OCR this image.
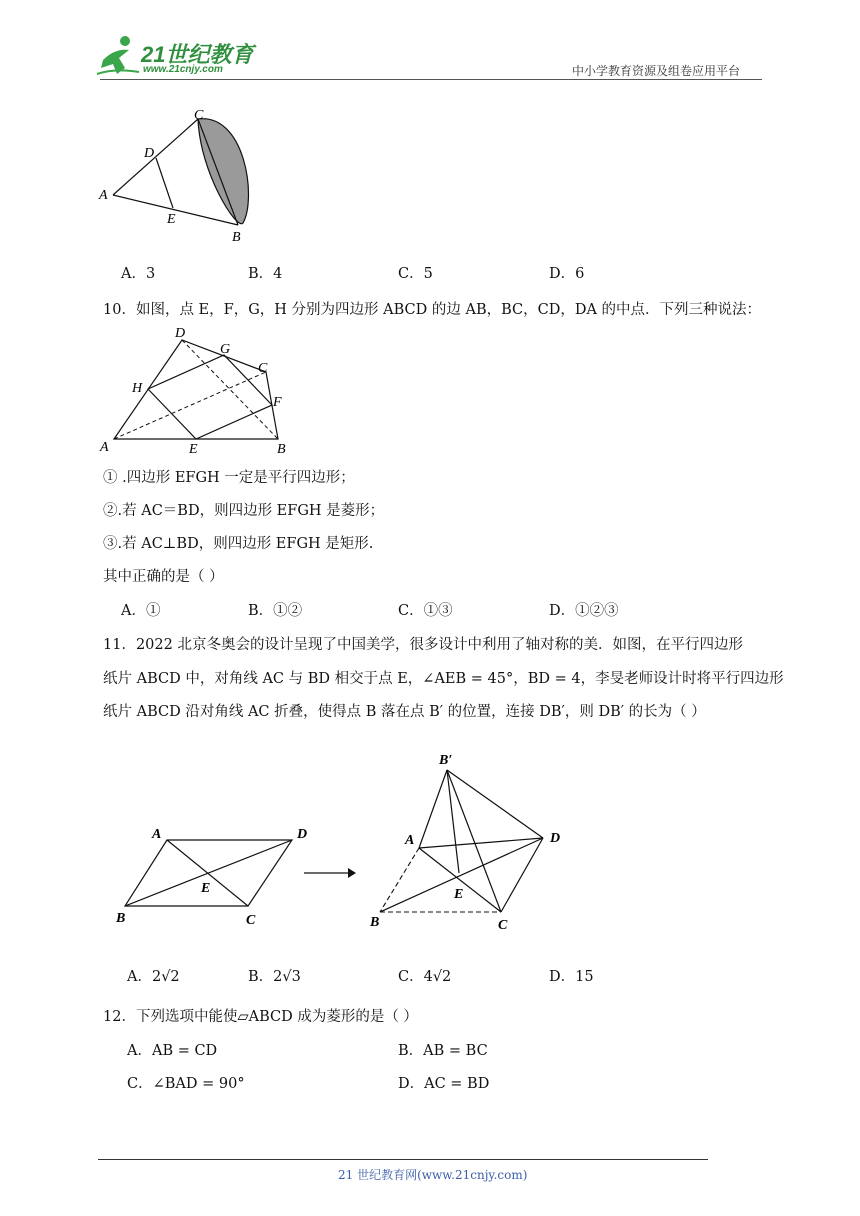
21世纪教育
www.21cnjy.com	中小学教育资源及组卷应用平台
C
D
A
E
B
A．3	B．4	C．5	D．6
10．如图，点 E，F，G，H 分别为四边形 ABCD 的边 AB，BC，CD，DA 的中点．下列三种说法：
D
G
C
H
F
A	E	B
① .四边形 EFGH 一定是平行四边形；
②.若 AC＝BD，则四边形 EFGH 是菱形；
③.若 AC⊥BD，则四边形 EFGH 是矩形.
其中正确的是（ ）
A．①	B．①②	C．①③	D．①②③
11．2022 北京冬奥会的设计呈现了中国美学，很多设计中利用了轴对称的美．如图，在平行四边形
纸片 ABCD 中，对角线 AC 与 BD 相交于点 E，∠AEB = 45°，BD = 4，李旻老师设计时将平行四边形
纸片 ABCD 沿对角线 AC 折叠，使得点 B 落在点 B′ 的位置，连接 DB′，则 DB′ 的长为（ ）
A	D
E
B	C
B′
A	D
E
B	C
A．2√2	B．2√3	C．4√2	D．15
12．下列选项中能使▱ABCD 成为菱形的是（ ）
A．AB = CD	B．AB = BC
C．∠BAD = 90°	D．AC = BD
21 世纪教育网(www.21cnjy.com)
